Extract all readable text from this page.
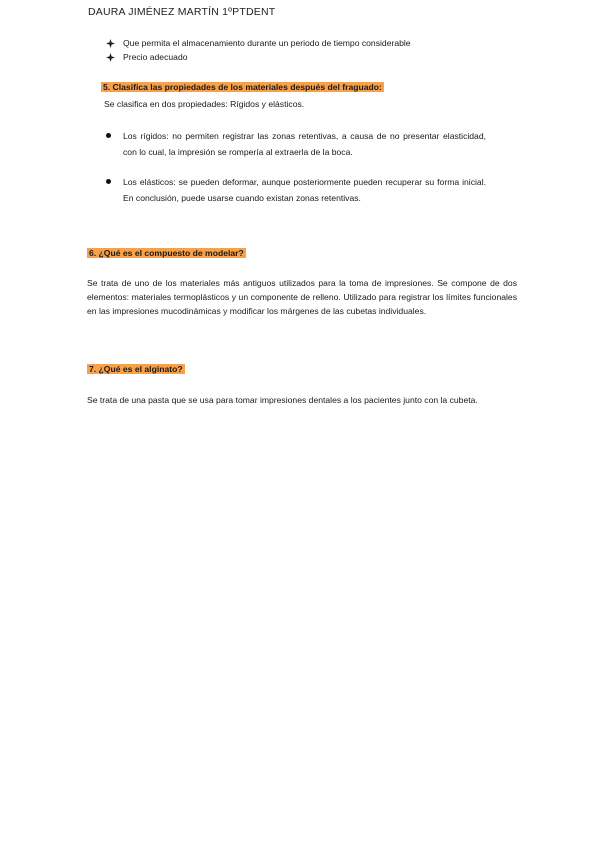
DAURA JIMÉNEZ MARTÍN 1ºPTDENT
Que permita el almacenamiento durante un periodo de tiempo considerable
Precio adecuado
5. Clasifica las propiedades de los materiales después del fraguado:
Se clasifica en dos propiedades: Rígidos y elásticos.
Los rígidos: no permiten registrar las zonas retentivas, a causa de no presentar elasticidad, con lo cual, la impresión se rompería al extraerla de la boca.
Los elásticos: se pueden deformar, aunque posteriormente pueden recuperar su forma inicial. En conclusión, puede usarse cuando existan zonas retentivas.
6. ¿Qué es el compuesto de modelar?
Se trata de uno de los materiales más antiguos utilizados para la toma de impresiones. Se compone de dos elementos: materiales termoplásticos y un componente de relleno. Utilizado para registrar los límites funcionales en las impresiones mucodinámicas y modificar los márgenes de las cubetas individuales.
7. ¿Qué es el alginato?
Se trata de una pasta que se usa para tomar impresiones dentales a los pacientes junto con la cubeta.
